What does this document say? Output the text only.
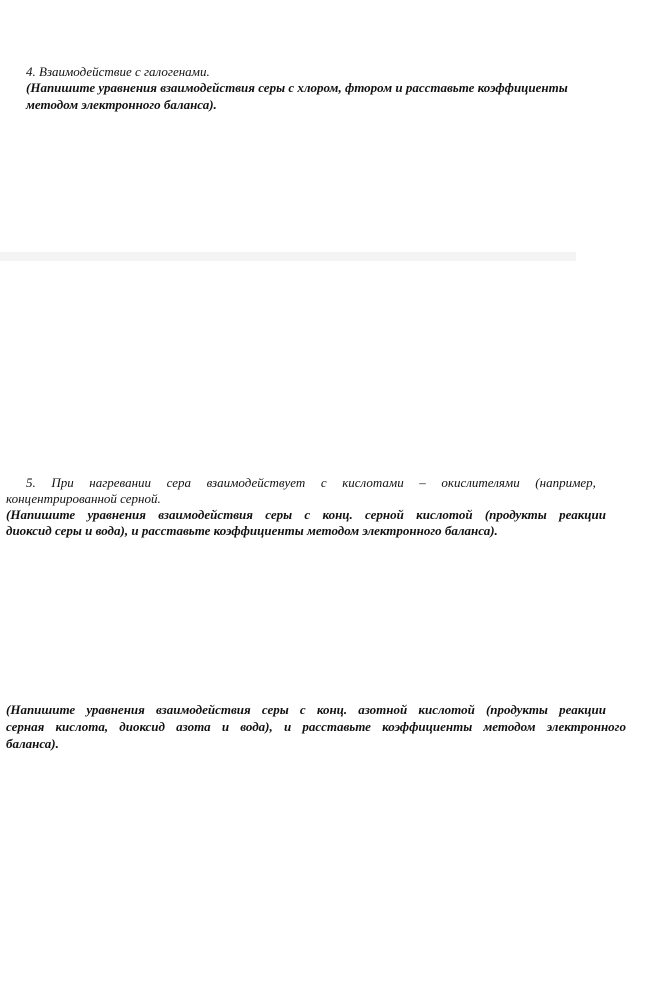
4. Взаимодействие с галогенами.
(Напишите уравнения взаимодействия серы с хлором, фтором и расставьте коэффициенты
методом электронного баланса).
5. При нагревании сера взаимодействует с кислотами – окислителями (например,
концентрированной серной.
(Напишите уравнения взаимодействия серы с конц. серной кислотой (продукты реакции
диоксид серы и вода), и расставьте коэффициенты методом электронного баланса).
(Напишите уравнения взаимодействия серы с конц. азотной кислотой (продукты реакции
серная кислота, диоксид азота и вода), и расставьте коэффициенты методом электронного
баланса).
